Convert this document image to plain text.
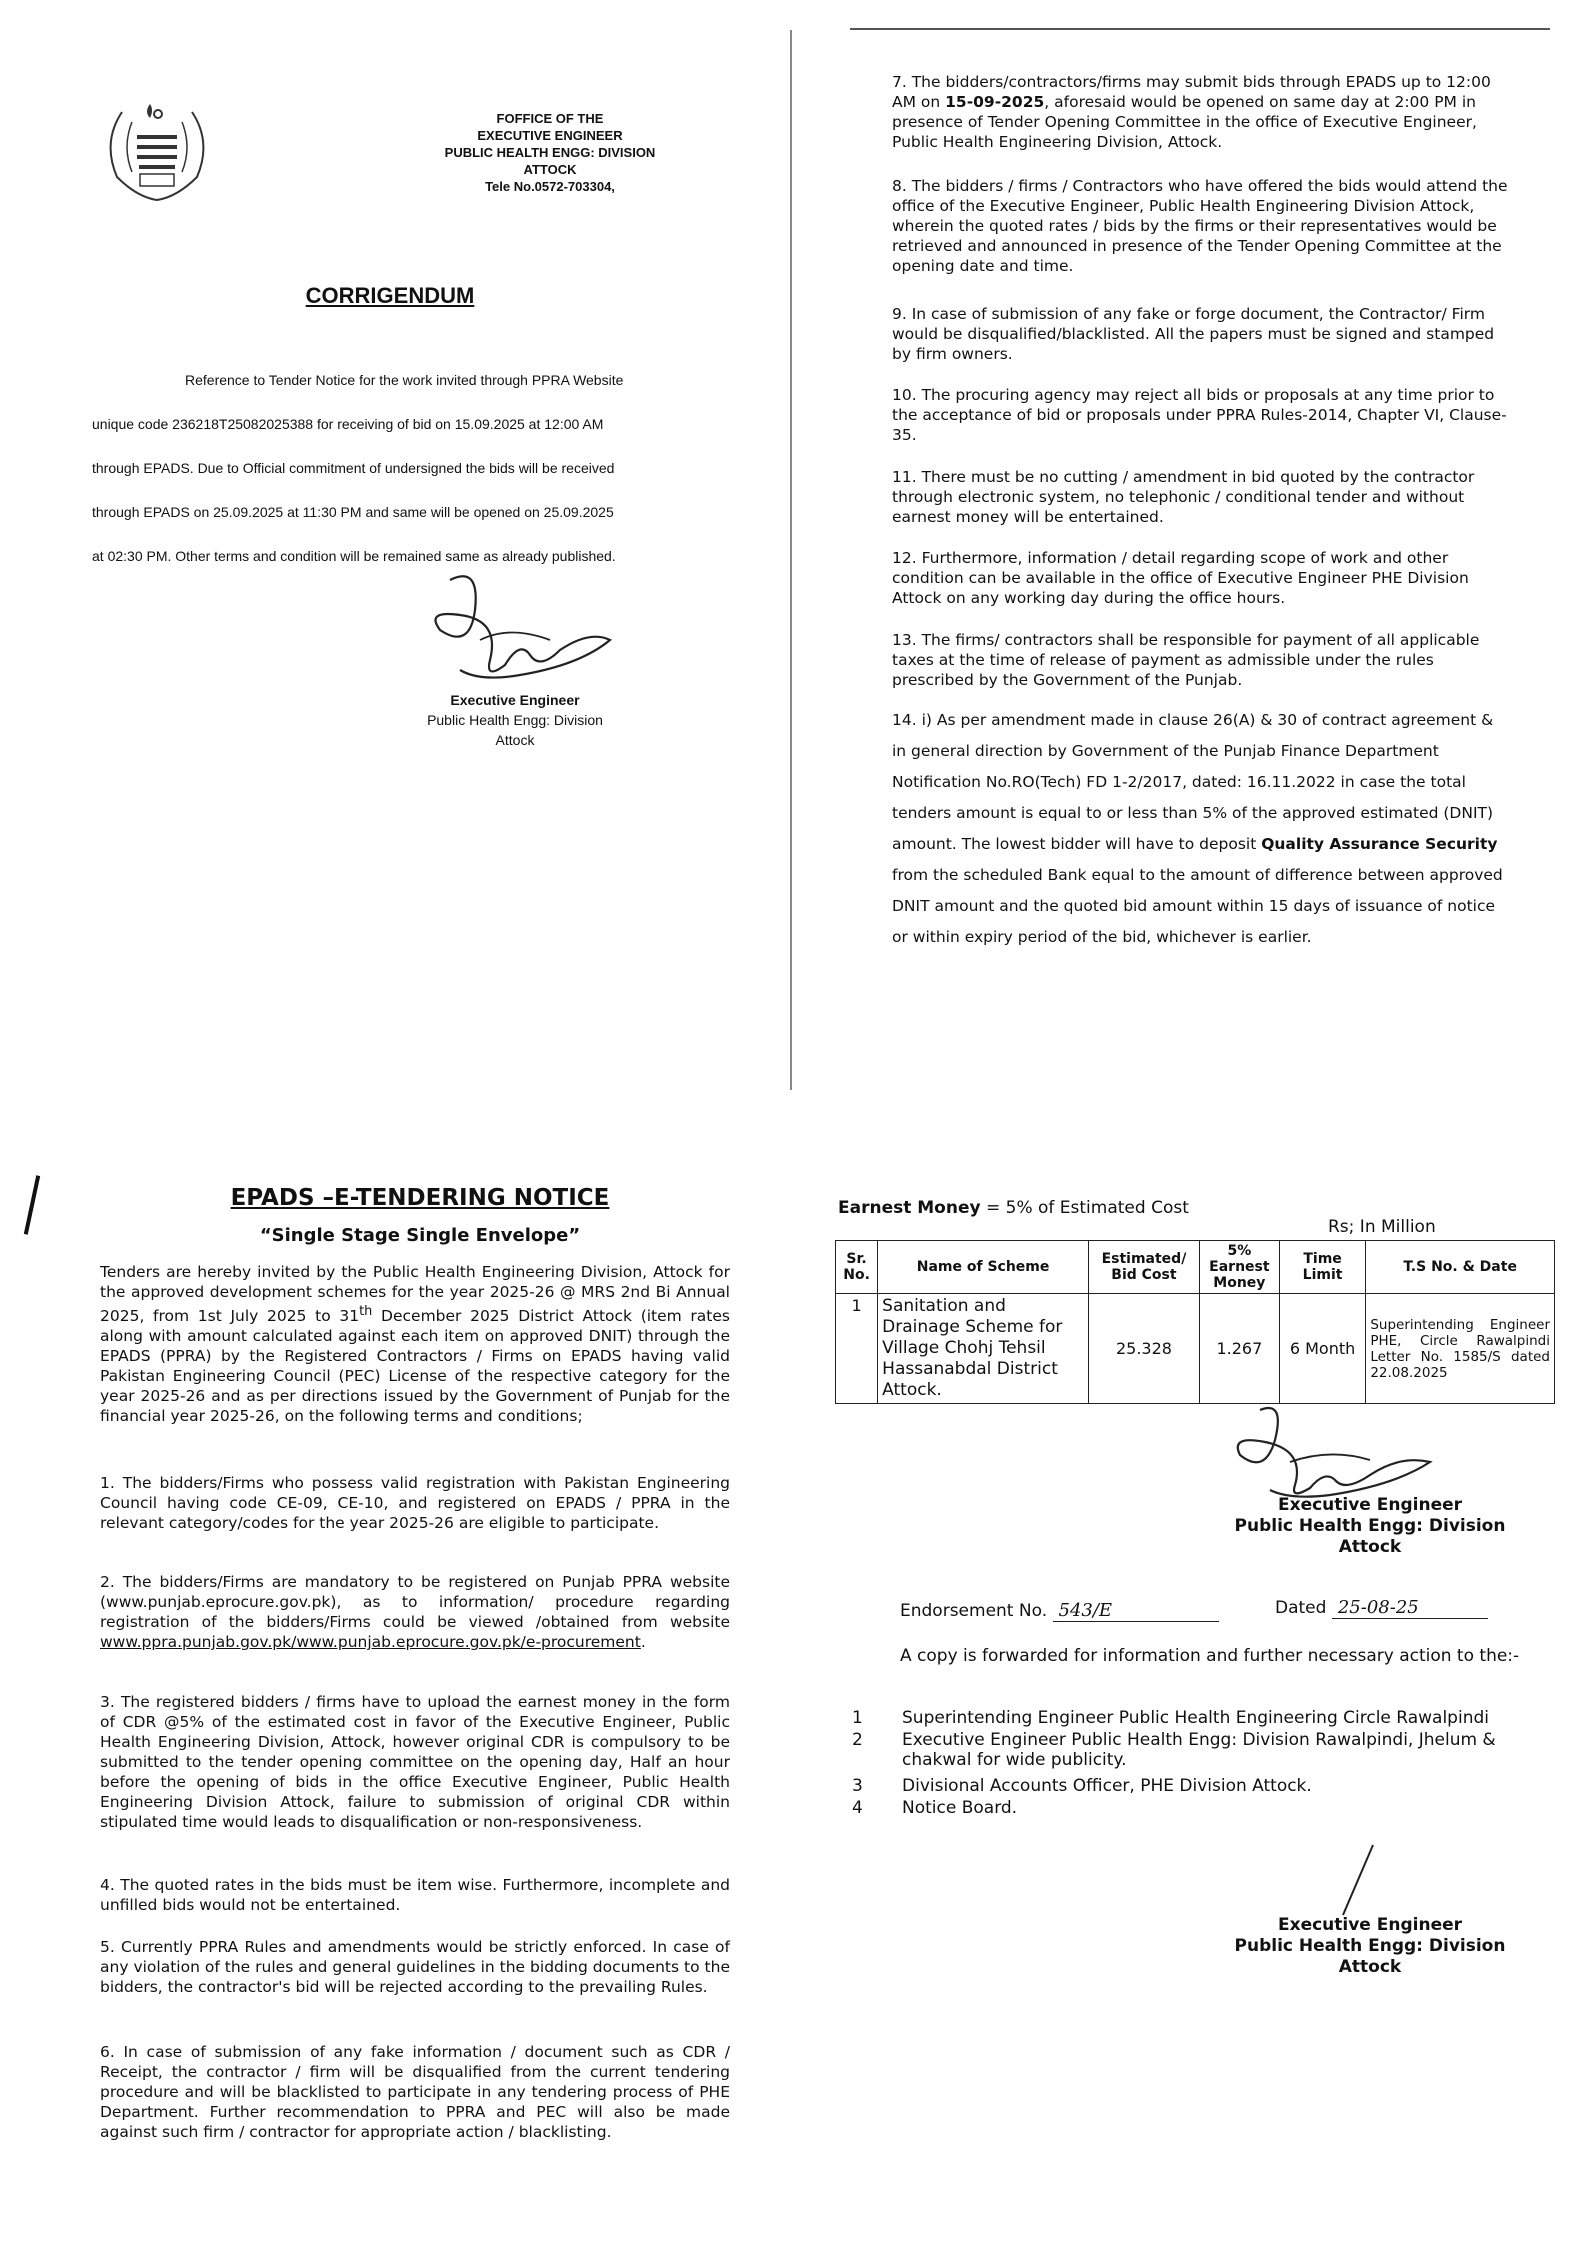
FOFFICE OF THE
EXECUTIVE ENGINEER
PUBLIC HEALTH ENGG: DIVISION
ATTOCK
Tele No.0572-703304,
CORRIGENDUM
Reference to Tender Notice for the work invited through PPRA Website
unique code 236218T25082025388 for receiving of bid on 15.09.2025 at 12:00 AM
through EPADS. Due to Official commitment of undersigned the bids will be received
through EPADS on 25.09.2025 at 11:30 PM and same will be opened on 25.09.2025
at 02:30 PM. Other terms and condition will be remained same as already published.
Executive Engineer
Public Health Engg: Division
Attock
7. The bidders/contractors/firms may submit bids through EPADS up to 12:00 AM on 15-09-2025, aforesaid would be opened on same day at 2:00 PM in presence of Tender Opening Committee in the office of Executive Engineer, Public Health Engineering Division, Attock.
8. The bidders / firms / Contractors who have offered the bids would attend the office of the Executive Engineer, Public Health Engineering Division Attock, wherein the quoted rates / bids by the firms or their representatives would be retrieved and announced in presence of the Tender Opening Committee at the opening date and time.
9. In case of submission of any fake or forge document, the Contractor/ Firm would be disqualified/blacklisted. All the papers must be signed and stamped by firm owners.
10. The procuring agency may reject all bids or proposals at any time prior to the acceptance of bid or proposals under PPRA Rules-2014, Chapter VI, Clause-35.
11. There must be no cutting / amendment in bid quoted by the contractor through electronic system, no telephonic / conditional tender and without earnest money will be entertained.
12. Furthermore, information / detail regarding scope of work and other condition can be available in the office of Executive Engineer PHE Division Attock on any working day during the office hours.
13. The firms/ contractors shall be responsible for payment of all applicable taxes at the time of release of payment as admissible under the rules prescribed by the Government of the Punjab.
14. i) As per amendment made in clause 26(A) & 30 of contract agreement & in general direction by Government of the Punjab Finance Department Notification No.RO(Tech) FD 1-2/2017, dated: 16.11.2022 in case the total tenders amount is equal to or less than 5% of the approved estimated (DNIT) amount. The lowest bidder will have to deposit Quality Assurance Security from the scheduled Bank equal to the amount of difference between approved DNIT amount and the quoted bid amount within 15 days of issuance of notice or within expiry period of the bid, whichever is earlier.
EPADS –E-TENDERING NOTICE
“Single Stage Single Envelope”
Tenders are hereby invited by the Public Health Engineering Division, Attock for the approved development schemes for the year 2025-26 @ MRS 2nd Bi Annual 2025, from 1st July 2025 to 31th December 2025 District Attock (item rates along with amount calculated against each item on approved DNIT) through the EPADS (PPRA) by the Registered Contractors / Firms on EPADS having valid Pakistan Engineering Council (PEC) License of the respective category for the year 2025-26 and as per directions issued by the Government of Punjab for the financial year 2025-26, on the following terms and conditions;
1. The bidders/Firms who possess valid registration with Pakistan Engineering Council having code CE-09, CE-10, and registered on EPADS / PPRA in the relevant category/codes for the year 2025-26 are eligible to participate.
2. The bidders/Firms are mandatory to be registered on Punjab PPRA website (www.punjab.eprocure.gov.pk), as to information/ procedure regarding registration of the bidders/Firms could be viewed /obtained from website www.ppra.punjab.gov.pk/www.punjab.eprocure.gov.pk/e-procurement.
3. The registered bidders / firms have to upload the earnest money in the form of CDR @5% of the estimated cost in favor of the Executive Engineer, Public Health Engineering Division, Attock, however original CDR is compulsory to be submitted to the tender opening committee on the opening day, Half an hour before the opening of bids in the office Executive Engineer, Public Health Engineering Division Attock, failure to submission of original CDR within stipulated time would leads to disqualification or non-responsiveness.
4. The quoted rates in the bids must be item wise. Furthermore, incomplete and unfilled bids would not be entertained.
5. Currently PPRA Rules and amendments would be strictly enforced. In case of any violation of the rules and general guidelines in the bidding documents to the bidders, the contractor's bid will be rejected according to the prevailing Rules.
6. In case of submission of any fake information / document such as CDR / Receipt, the contractor / firm will be disqualified from the current tendering procedure and will be blacklisted to participate in any tendering process of PHE Department. Further recommendation to PPRA and PEC will also be made against such firm / contractor for appropriate action / blacklisting.
Earnest Money = 5% of Estimated Cost
Rs; In Million
Sr. No.	Name of Scheme	Estimated/ Bid Cost	5% Earnest Money	Time Limit	T.S No. & Date
1	Sanitation and Drainage Scheme for Village Chohj Tehsil Hassanabdal District Attock.	25.328	1.267	6 Month	Superintending Engineer PHE, Circle Rawalpindi Letter No. 1585/S dated 22.08.2025
Executive Engineer
Public Health Engg: Division
Attock
Endorsement No. 543/E	Dated 25-08-25
A copy is forwarded for information and further necessary action to the:-
1 Superintending Engineer Public Health Engineering Circle Rawalpindi
2 Executive Engineer Public Health Engg: Division Rawalpindi, Jhelum & chakwal for wide publicity.
3 Divisional Accounts Officer, PHE Division Attock.
4 Notice Board.
Executive Engineer
Public Health Engg: Division
Attock
